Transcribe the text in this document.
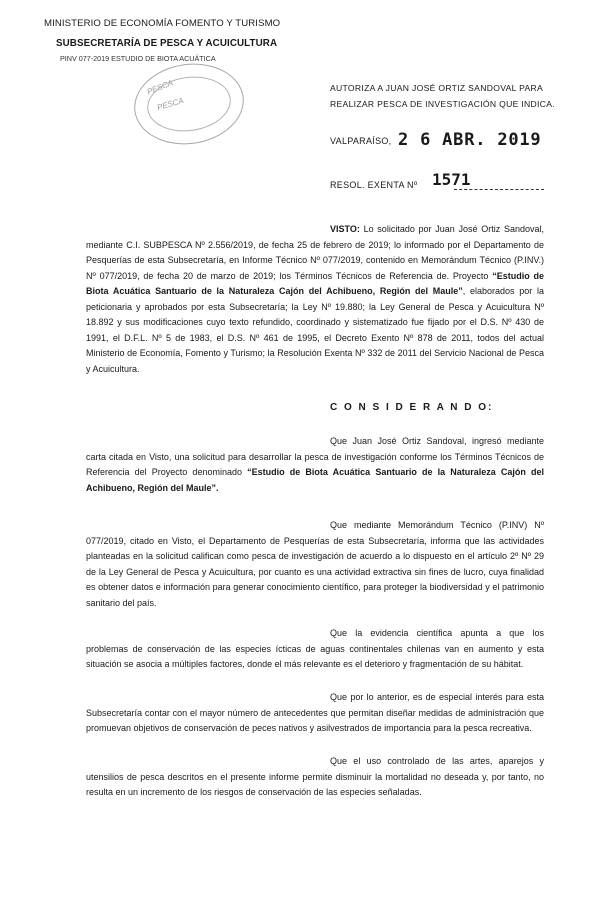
MINISTERIO DE ECONOMÍA FOMENTO Y TURISMO
SUBSECRETARÍA DE PESCA Y ACUICULTURA
PINV 077-2019 ESTUDIO DE BIOTA ACUÁTICA
PESCA
PESCA
AUTORIZA A JUAN JOSÉ ORTIZ SANDOVAL PARA
REALIZAR PESCA DE INVESTIGACIÓN QUE INDICA.
VALPARAÍSO, 2 6 ABR. 2019
RESOL. EXENTA Nº 1571
VISTO: Lo solicitado por Juan José Ortiz Sandoval, mediante C.I. SUBPESCA Nº 2.556/2019, de fecha 25 de febrero de 2019; lo informado por el Departamento de Pesquerías de esta Subsecretaría, en Informe Técnico Nº 077/2019, contenido en Memorándum Técnico (P.INV.) Nº 077/2019, de fecha 20 de marzo de 2019; los Términos Técnicos de Referencia de. Proyecto “Estudio de Biota Acuática Santuario de la Naturaleza Cajón del Achibueno, Región del Maule”, elaborados por la peticionaria y aprobados por esta Subsecretaría; la Ley Nº 19.880; la Ley General de Pesca y Acuicultura Nº 18.892 y sus modificaciones cuyo texto refundido, coordinado y sistematizado fue fijado por el D.S. Nº 430 de 1991, el D.F.L. Nº 5 de 1983, el D.S. Nº 461 de 1995, el Decreto Exento Nº 878 de 2011, todos del actual Ministerio de Economía, Fomento y Turismo; la Resolución Exenta Nº 332 de 2011 del Servicio Nacional de Pesca y Acuicultura.
C O N S I D E R A N D O:
Que Juan José Ortiz Sandoval, ingresó mediante carta citada en Visto, una solicitud para desarrollar la pesca de investigación conforme los Términos Técnicos de Referencia del Proyecto denominado “Estudio de Biota Acuática Santuario de la Naturaleza Cajón del Achibueno, Región del Maule”.
Que mediante Memorándum Técnico (P.INV) Nº 077/2019, citado en Visto, el Departamento de Pesquerías de esta Subsecretaría, informa que las actividades planteadas en la solicitud califican como pesca de investigación de acuerdo a lo dispuesto en el artículo 2º Nº 29 de la Ley General de Pesca y Acuicultura, por cuanto es una actividad extractiva sin fines de lucro, cuya finalidad es obtener datos e información para generar conocimiento científico, para proteger la biodiversidad y el patrimonio sanitario del país.
Que la evidencia científica apunta a que los problemas de conservación de las especies ícticas de aguas continentales chilenas van en aumento y esta situación se asocia a múltiples factores, donde el más relevante es el deterioro y fragmentación de su hábitat.
Que por lo anterior, es de especial interés para esta Subsecretaría contar con el mayor número de antecedentes que permitan diseñar medidas de administración que promuevan objetivos de conservación de peces nativos y asilvestrados de importancia para la pesca recreativa.
Que el uso controlado de las artes, aparejos y utensilios de pesca descritos en el presente informe permite disminuir la mortalidad no deseada y, por tanto, no resulta en un incremento de los riesgos de conservación de las especies señaladas.
